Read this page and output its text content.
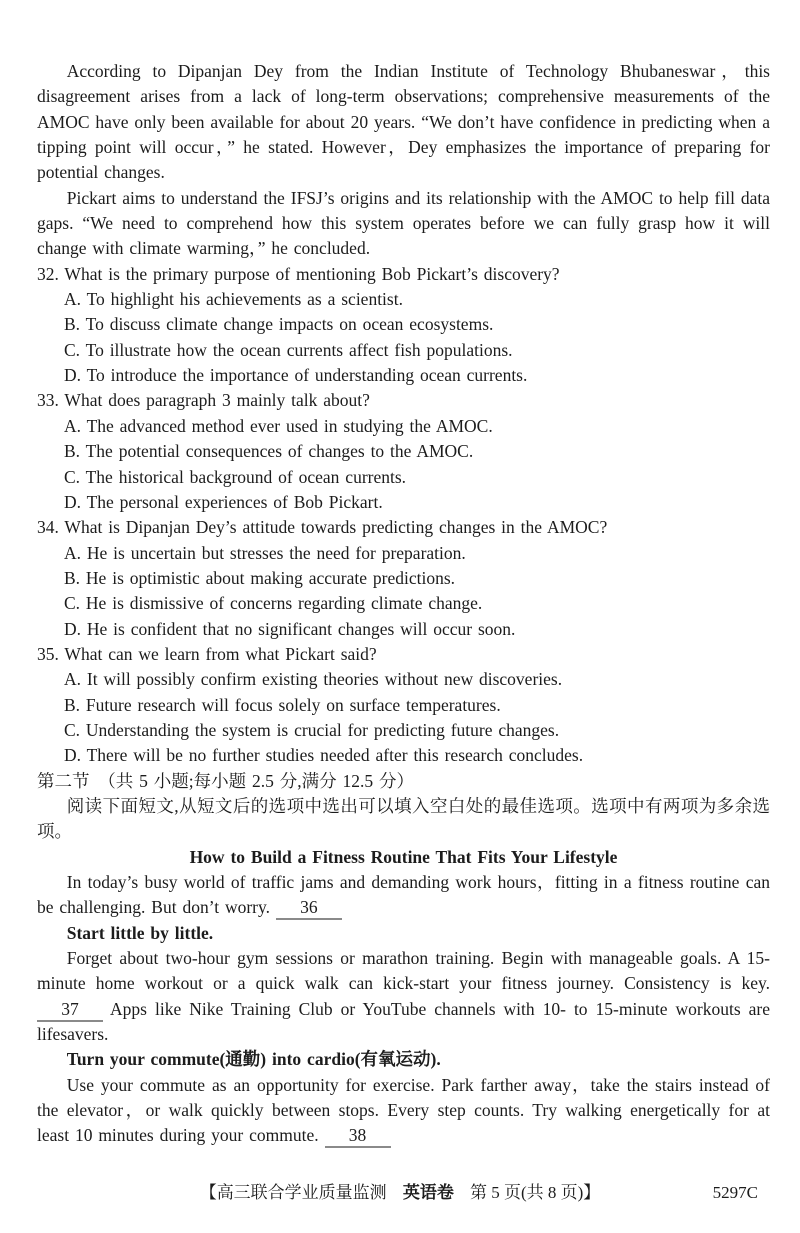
According to Dipanjan Dey from the Indian Institute of Technology Bhubaneswar，this disagreement arises from a lack of long-term observations; comprehensive measurements of the AMOC have only been available for about 20 years. “We don’t have confidence in predicting when a tipping point will occur，” he stated. However，Dey emphasizes the importance of preparing for potential changes.

Pickart aims to understand the IFSJ’s origins and its relationship with the AMOC to help fill data gaps. “We need to comprehend how this system operates before we can fully grasp how it will change with climate warming，” he concluded.

32. What is the primary purpose of mentioning Bob Pickart’s discovery?

A. To highlight his achievements as a scientist.

B. To discuss climate change impacts on ocean ecosystems.

C. To illustrate how the ocean currents affect fish populations.

D. To introduce the importance of understanding ocean currents.

33. What does paragraph 3 mainly talk about?

A. The advanced method ever used in studying the AMOC.

B. The potential consequences of changes to the AMOC.

C. The historical background of ocean currents.

D. The personal experiences of Bob Pickart.

34. What is Dipanjan Dey’s attitude towards predicting changes in the AMOC?

A. He is uncertain but stresses the need for preparation.

B. He is optimistic about making accurate predictions.

C. He is dismissive of concerns regarding climate change.

D. He is confident that no significant changes will occur soon.

35. What can we learn from what Pickart said?

A. It will possibly confirm existing theories without new discoveries.

B. Future research will focus solely on surface temperatures.

C. Understanding the system is crucial for predicting future changes.

D. There will be no further studies needed after this research concludes.

第二节　（共 5 小题;每小题 2.5 分,满分 12.5 分）

阅读下面短文,从短文后的选项中选出可以填入空白处的最佳选项。选项中有两项为多余选项。

How to Build a Fitness Routine That Fits Your Lifestyle

In today’s busy world of traffic jams and demanding work hours，fitting in a fitness routine can be challenging. But don’t worry. 36

Start little by little.

Forget about two-hour gym sessions or marathon training. Begin with manageable goals. A 15-minute home workout or a quick walk can kick-start your fitness journey. Consistency is key. 37 Apps like Nike Training Club or YouTube channels with 10- to 15-minute workouts are lifesavers.

Turn your commute(通勤) into cardio(有氧运动).

Use your commute as an opportunity for exercise. Park farther away，take the stairs instead of the elevator，or walk quickly between stops. Every step counts. Try walking energetically for at least 10 minutes during your commute. 38

【高三联合学业质量监测 英语卷 第 5 页(共 8 页)】	5297C
